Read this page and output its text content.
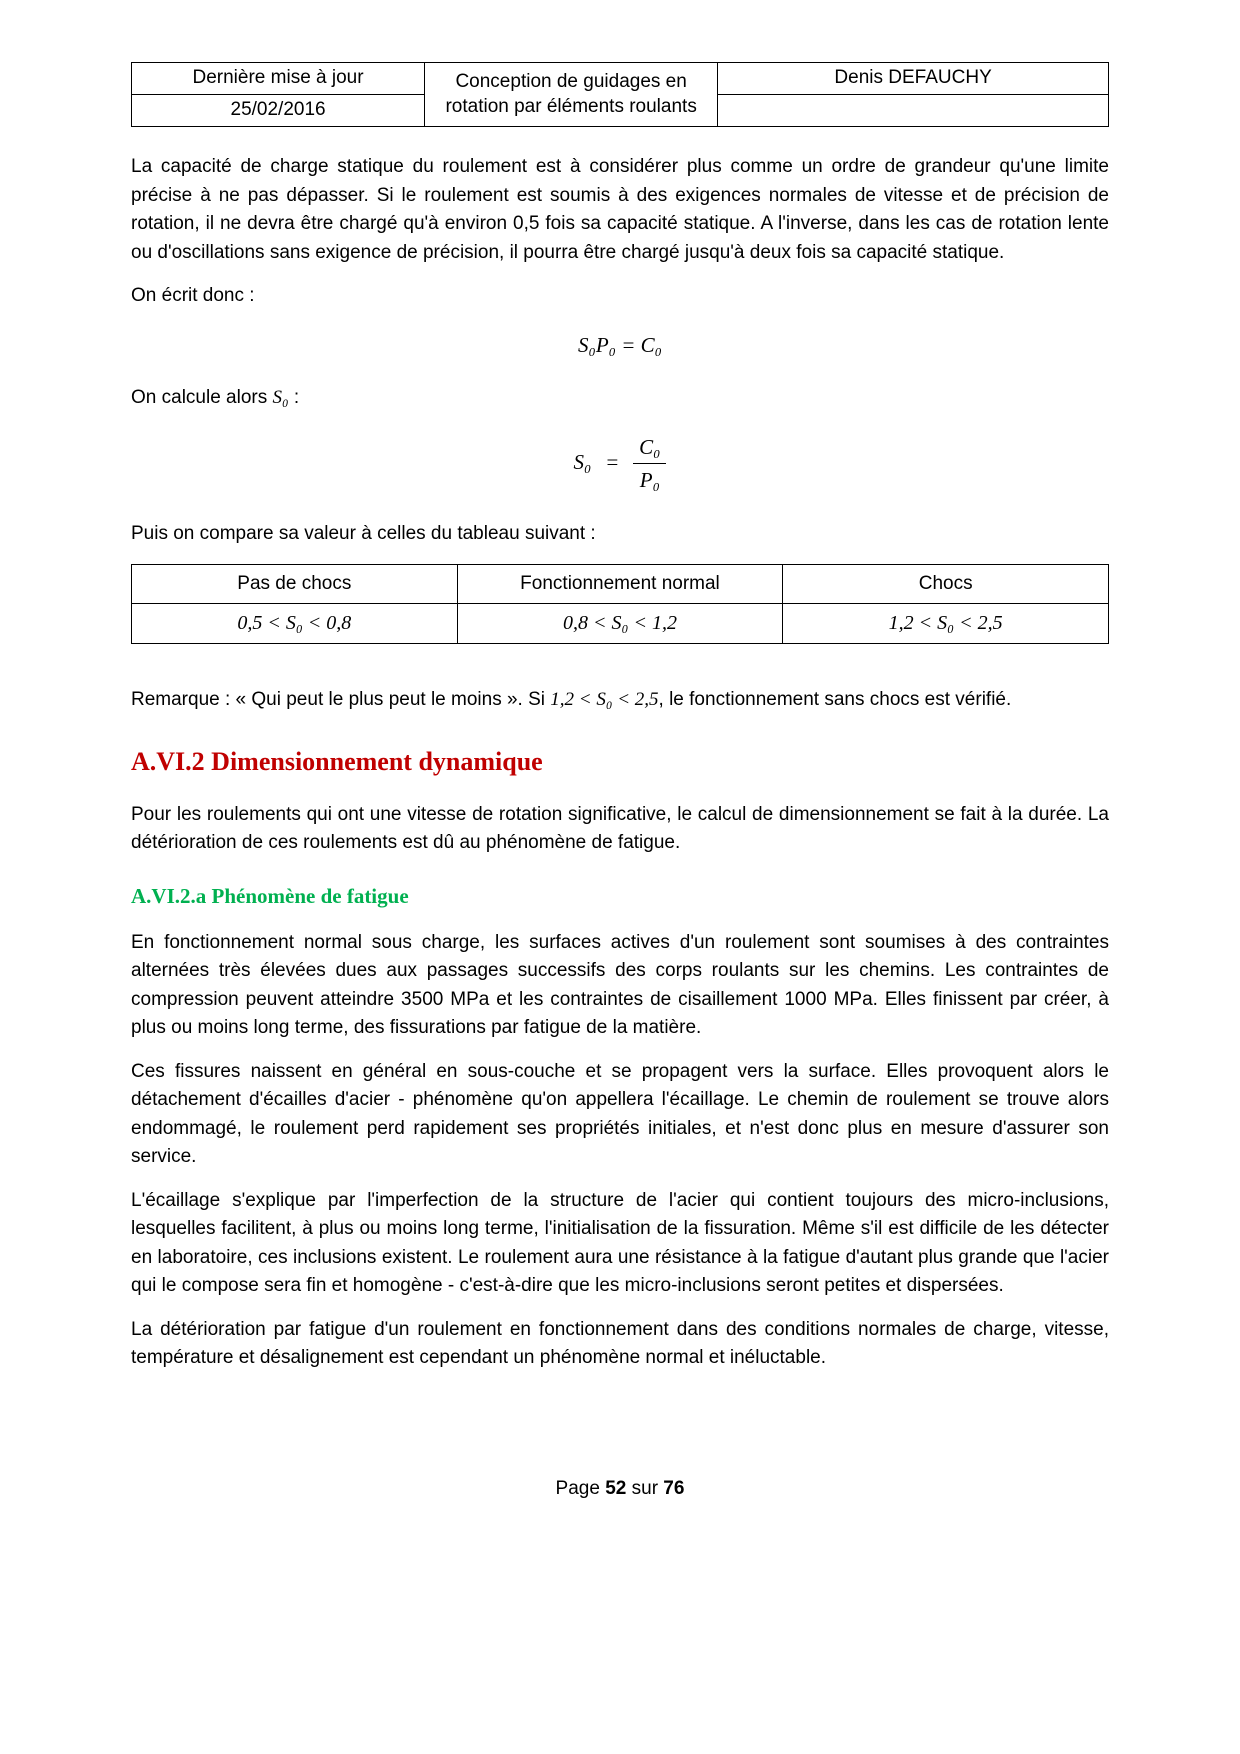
Dernière mise à jour	Conception de guidages en rotation par éléments roulants	Denis DEFAUCHY
25/02/2016		

La capacité de charge statique du roulement est à considérer plus comme un ordre de grandeur qu'une limite précise à ne pas dépasser. Si le roulement est soumis à des exigences normales de vitesse et de précision de rotation, il ne devra être chargé qu'à environ 0,5 fois sa capacité statique. A l'inverse, dans les cas de rotation lente ou d'oscillations sans exigence de précision, il pourra être chargé jusqu'à deux fois sa capacité statique.

On écrit donc :

S₀P₀ = C₀

On calcule alors S₀ :

$S_0 = \frac{\text{C₀}}{\text{P₀}}$

Puis on compare sa valeur à celles du tableau suivant :

Pas de chocs	Fonctionnement normal	Chocs
0,5 < S₀ < 0,8	0,8 < S₀ < 1,2	1,2 < S₀ < 2,5

Remarque : « Qui peut le plus peut le moins ». Si 1,2 < S₀ < 2,5, le fonctionnement sans chocs est vérifié.

A.VI.2 Dimensionnement dynamique

Pour les roulements qui ont une vitesse de rotation significative, le calcul de dimensionnement se fait à la durée. La détérioration de ces roulements est dû au phénomène de fatigue.

A.VI.2.a Phénomène de fatigue

En fonctionnement normal sous charge, les surfaces actives d'un roulement sont soumises à des contraintes alternées très élevées dues aux passages successifs des corps roulants sur les chemins. Les contraintes de compression peuvent atteindre 3500 MPa et les contraintes de cisaillement 1000 MPa. Elles finissent par créer, à plus ou moins long terme, des fissurations par fatigue de la matière.

Ces fissures naissent en général en sous-couche et se propagent vers la surface. Elles provoquent alors le détachement d'écailles d'acier - phénomène qu'on appellera l'écaillage. Le chemin de roulement se trouve alors endommagé, le roulement perd rapidement ses propriétés initiales, et n'est donc plus en mesure d'assurer son service.

L'écaillage s'explique par l'imperfection de la structure de l'acier qui contient toujours des micro-inclusions, lesquelles facilitent, à plus ou moins long terme, l'initialisation de la fissuration. Même s'il est difficile de les détecter en laboratoire, ces inclusions existent. Le roulement aura une résistance à la fatigue d'autant plus grande que l'acier qui le compose sera fin et homogène - c'est-à-dire que les micro-inclusions seront petites et dispersées.

La détérioration par fatigue d'un roulement en fonctionnement dans des conditions normales de charge, vitesse, température et désalignement est cependant un phénomène normal et inéluctable.

Page 52 sur 76
